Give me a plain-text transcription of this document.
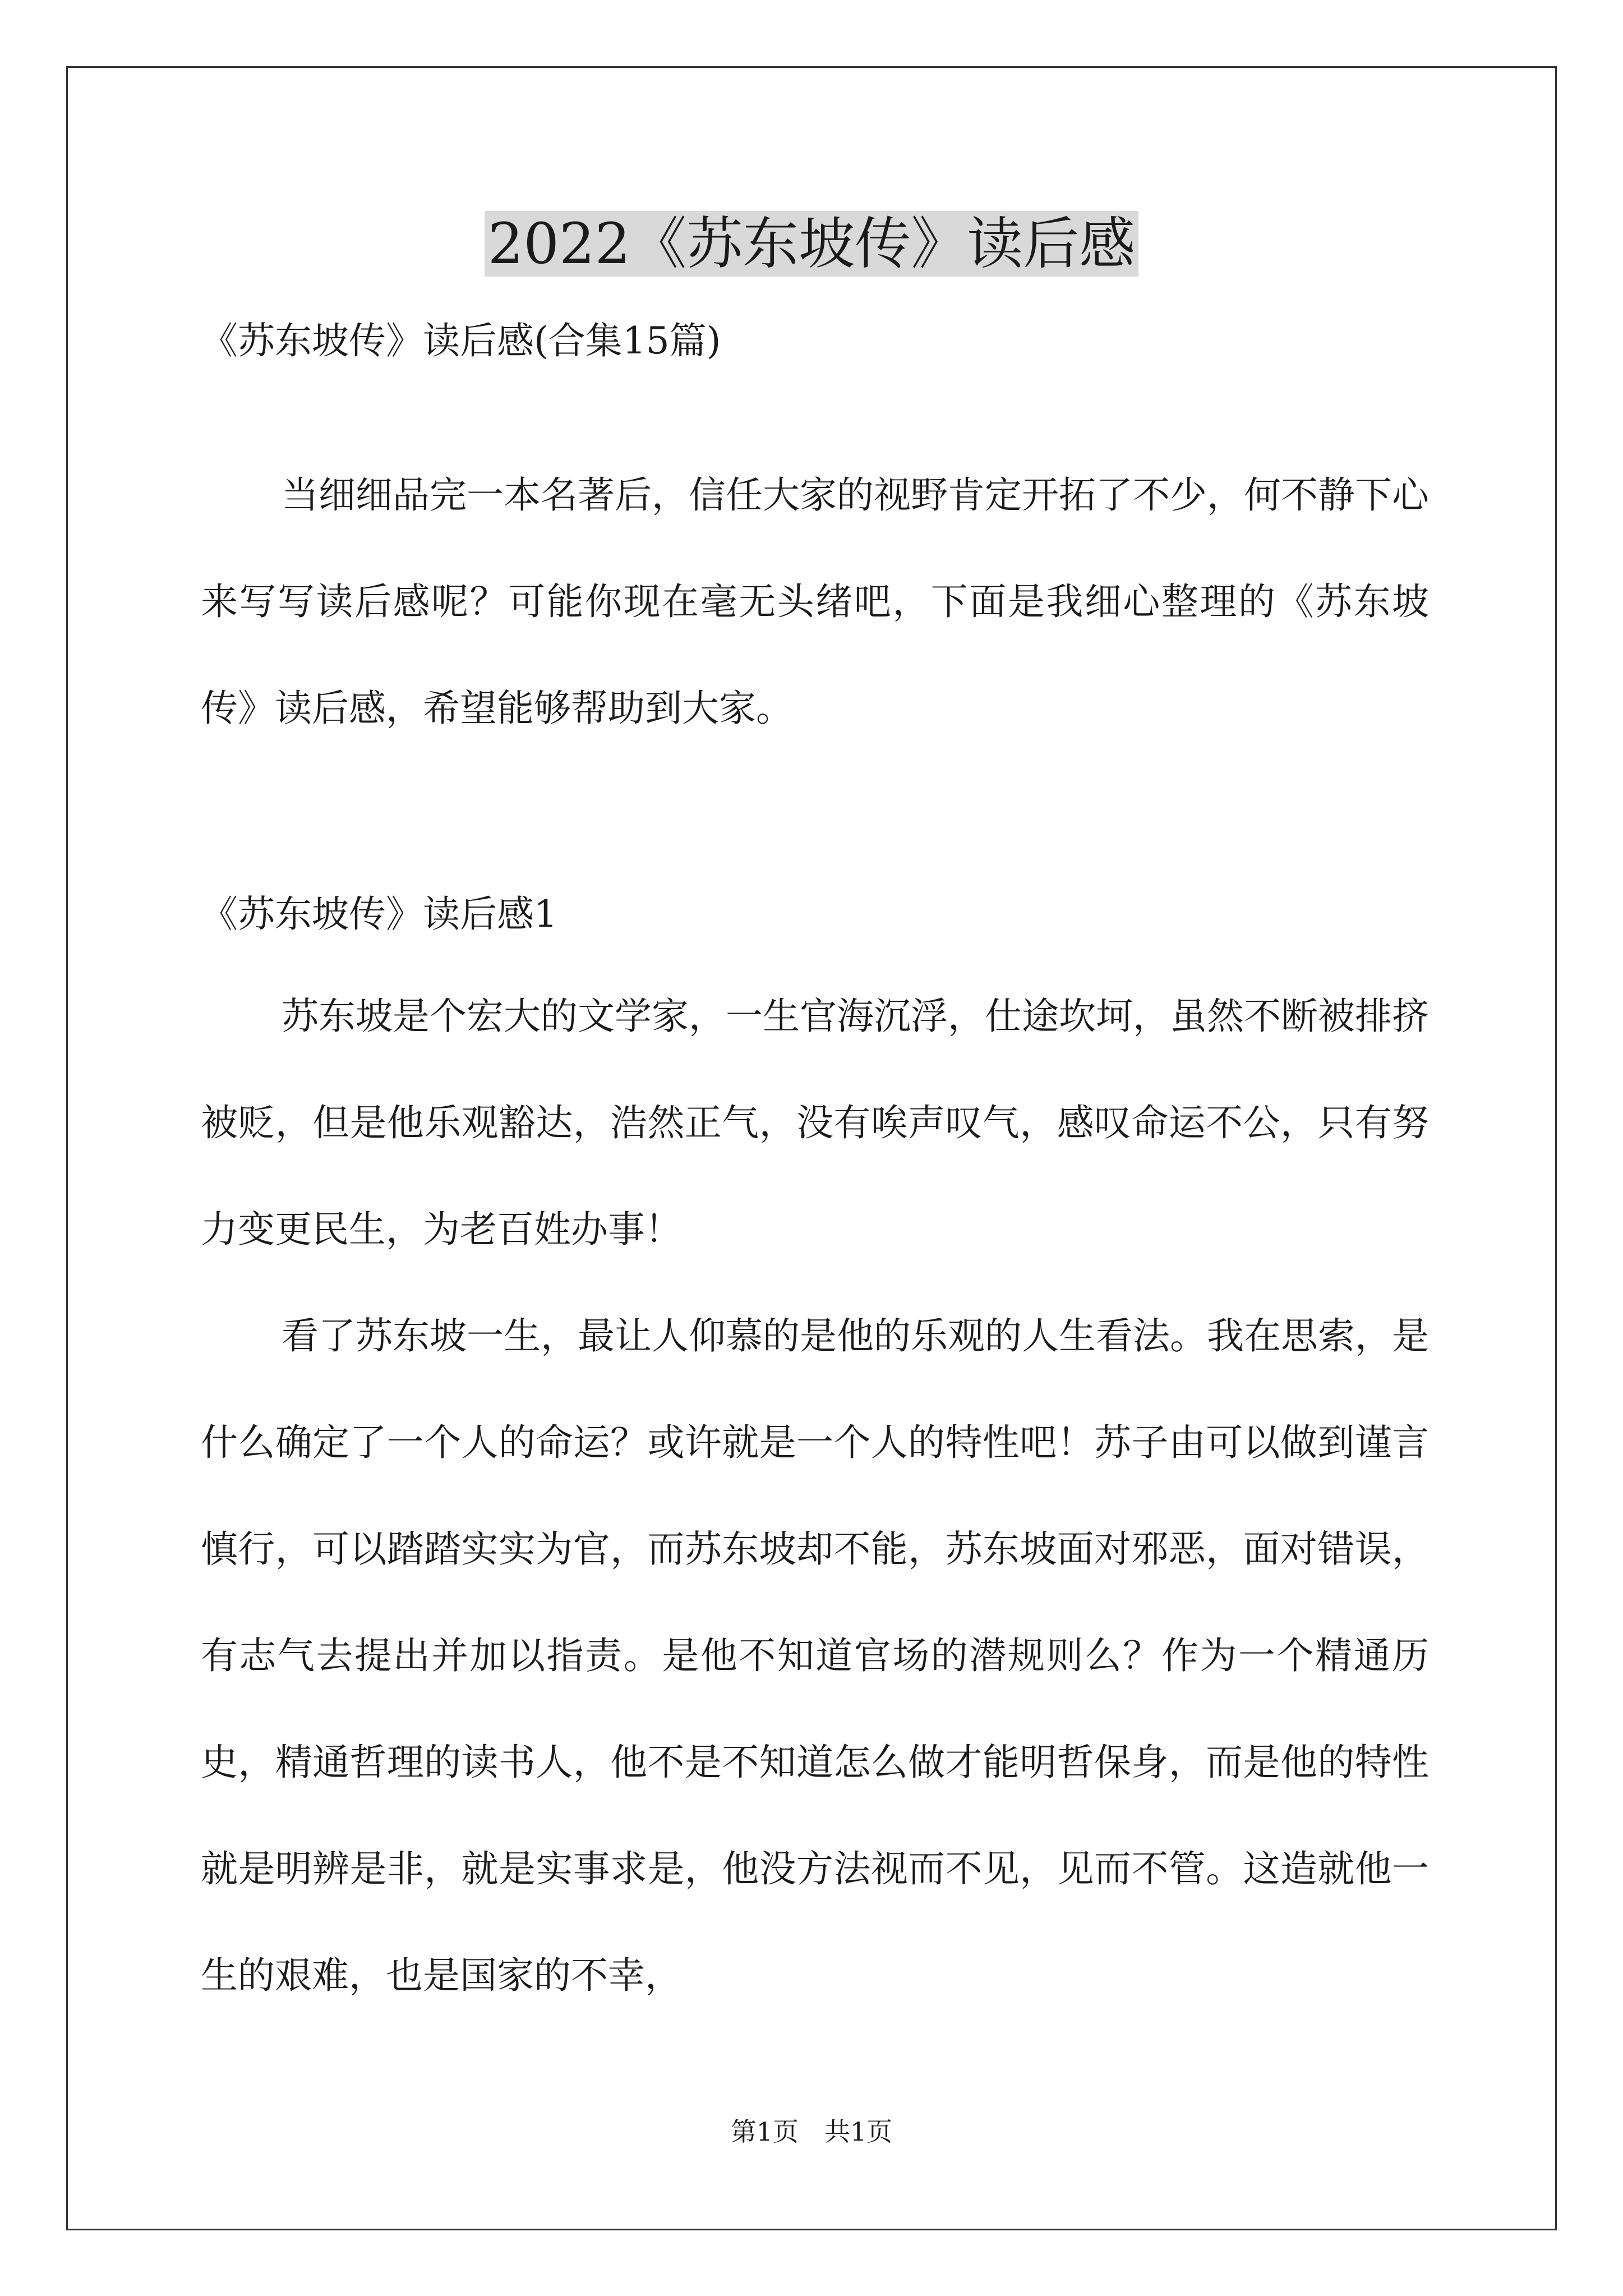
2022《苏东坡传》读后感

《苏东坡传》读后感(合集15篇)

当细细品完一本名著后，信任大家的视野肯定开拓了不少，何不静下心来写写读后感呢？可能你现在毫无头绪吧，下面是我细心整理的《苏东坡传》读后感，希望能够帮助到大家。

《苏东坡传》读后感1

苏东坡是个宏大的文学家，一生官海沉浮，仕途坎坷，虽然不断被排挤被贬，但是他乐观豁达，浩然正气，没有唉声叹气，感叹命运不公，只有努力变更民生，为老百姓办事！

看了苏东坡一生，最让人仰慕的是他的乐观的人生看法。我在思索，是什么确定了一个人的命运？或许就是一个人的特性吧！苏子由可以做到谨言慎行，可以踏踏实实为官，而苏东坡却不能，苏东坡面对邪恶，面对错误，有志气去提出并加以指责。是他不知道官场的潜规则么？作为一个精通历史，精通哲理的读书人，他不是不知道怎么做才能明哲保身，而是他的特性就是明辨是非，就是实事求是，他没方法视而不见，见而不管。这造就他一生的艰难，也是国家的不幸，

第1页　共1页
